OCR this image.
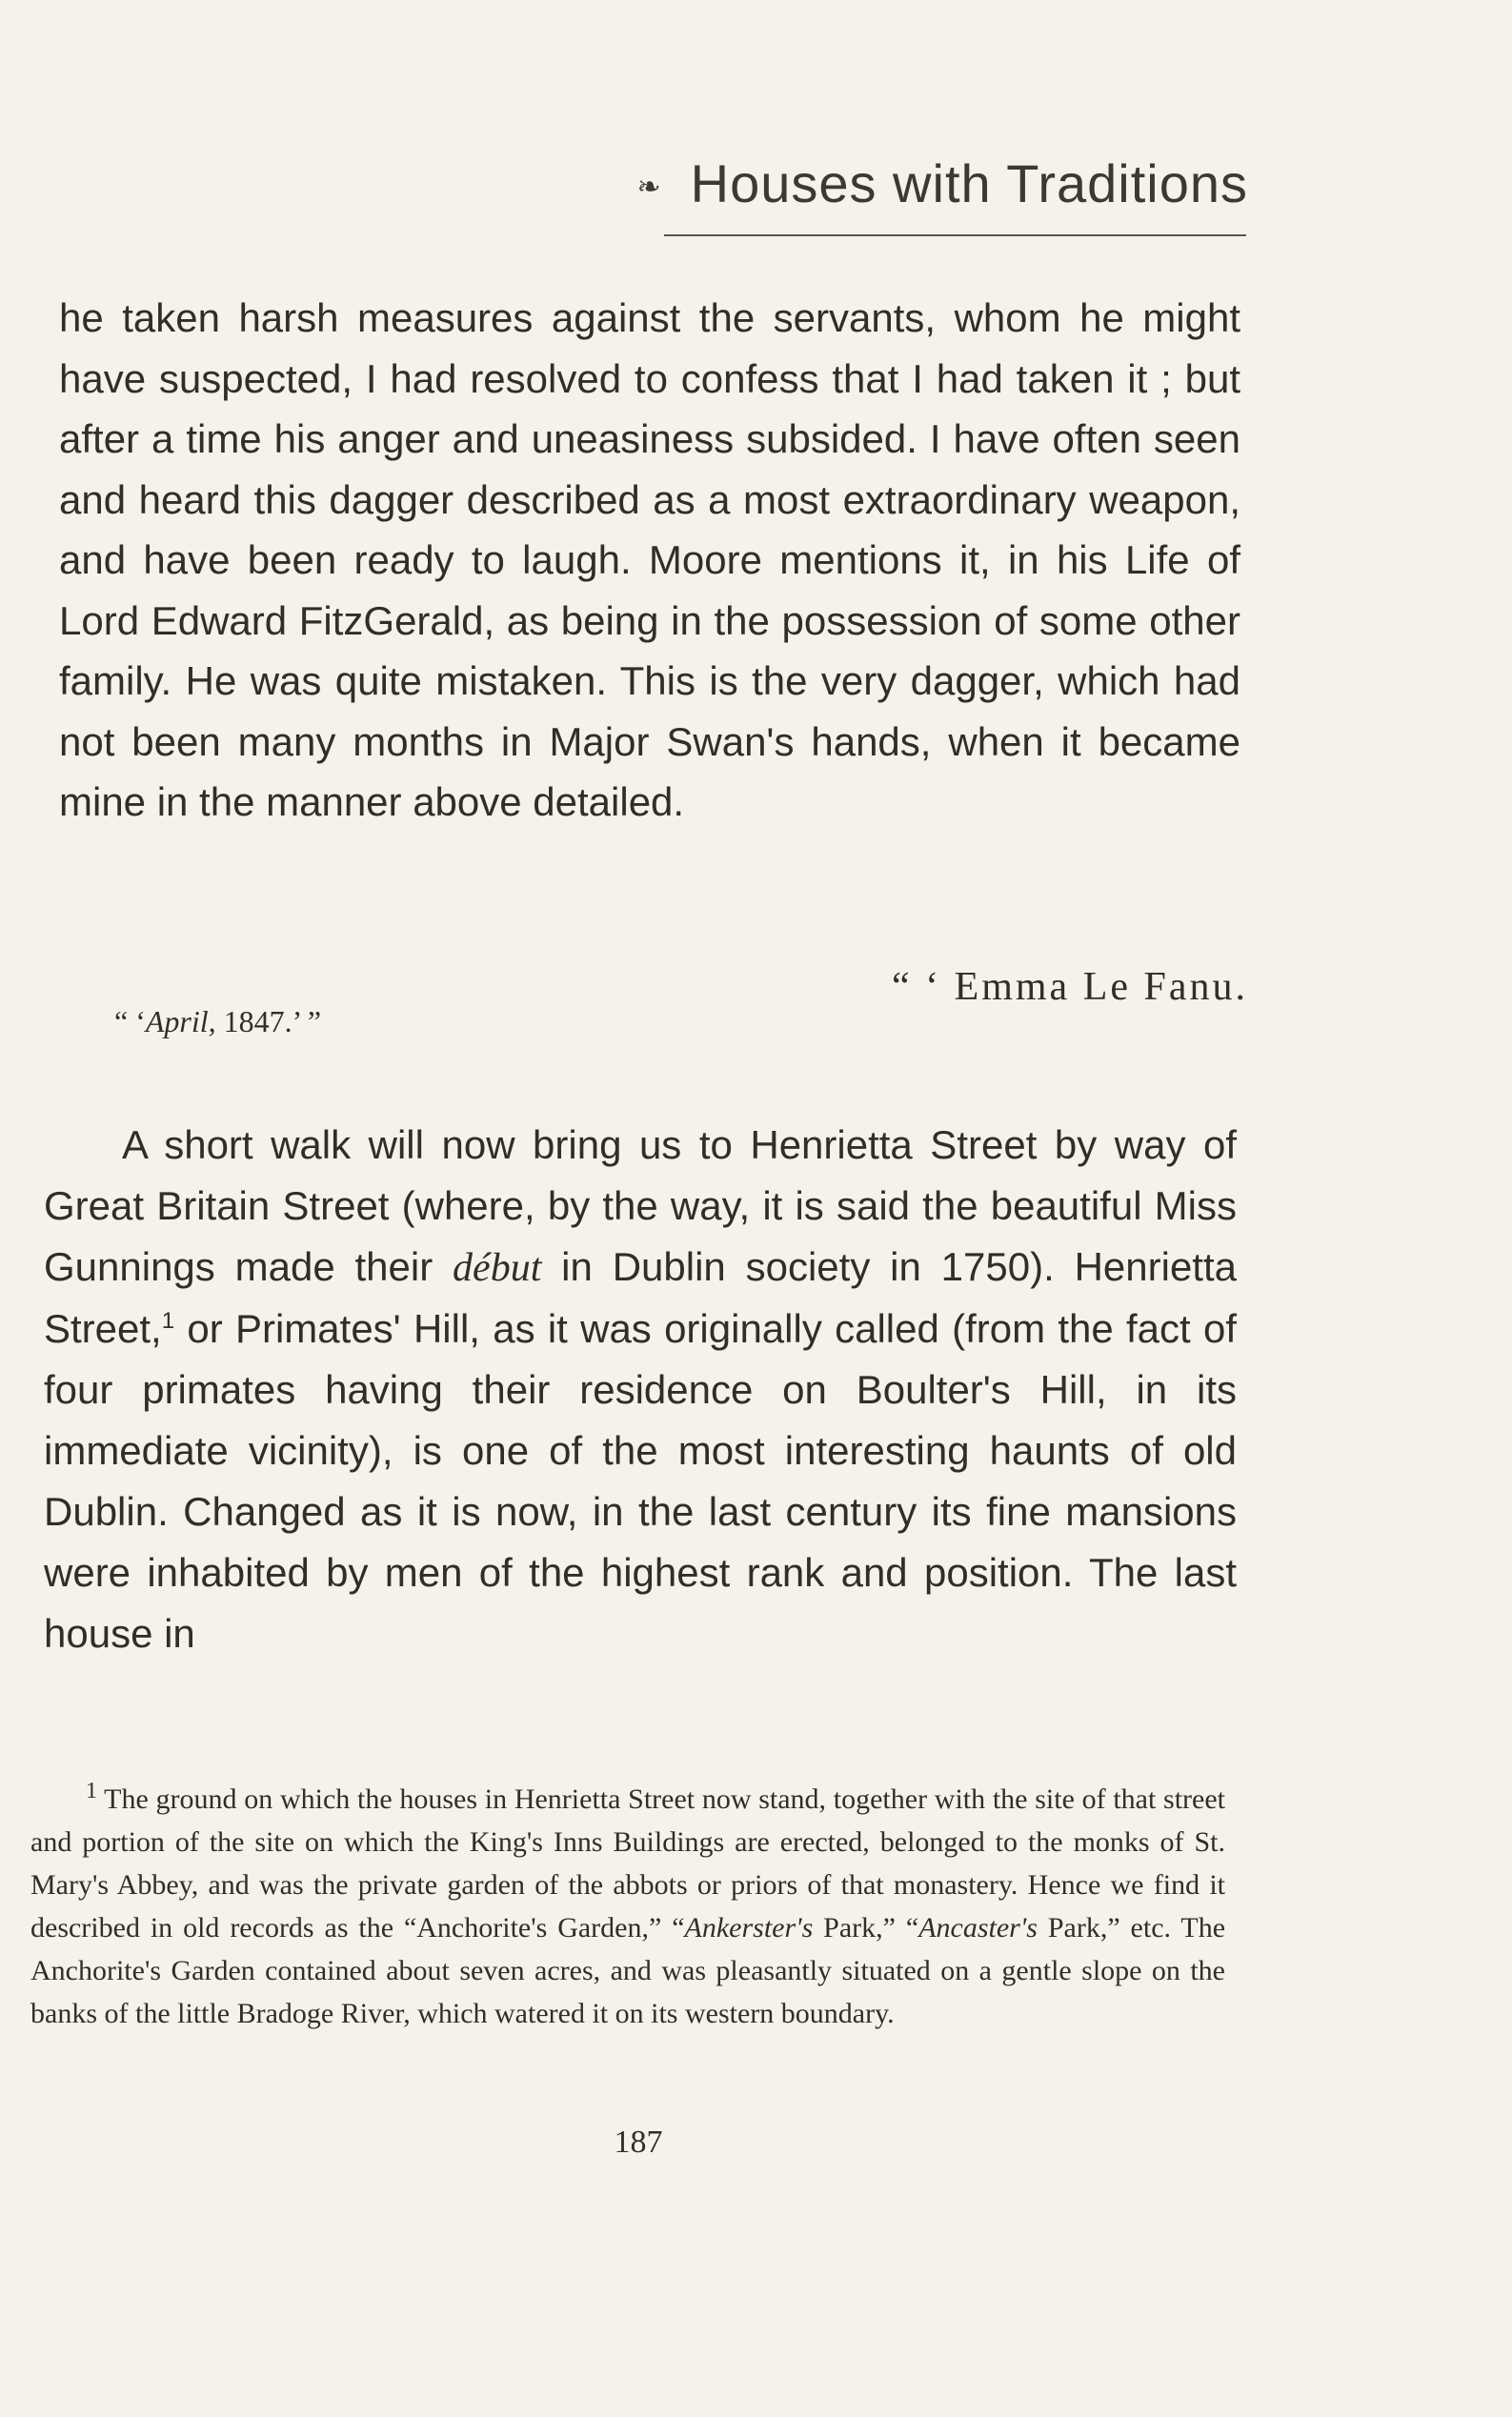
❧ Houses with Traditions

he taken harsh measures against the servants, whom he might have suspected, I had resolved to confess that I had taken it ; but after a time his anger and uneasiness subsided. I have often seen and heard this dagger described as a most extraordinary weapon, and have been ready to laugh. Moore mentions it, in his Life of Lord Edward FitzGerald, as being in the possession of some other family. He was quite mistaken. This is the very dagger, which had not been many months in Major Swan's hands, when it became mine in the manner above detailed.

“ ‘ Emma Le Fanu.
“ ‘April, 1847.’ ”

A short walk will now bring us to Henrietta Street by way of Great Britain Street (where, by the way, it is said the beautiful Miss Gunnings made their début in Dublin society in 1750). Henrietta Street,$^1$ or Primates' Hill, as it was originally called (from the fact of four primates having their residence on Boulter's Hill, in its immediate vicinity), is one of the most interesting haunts of old Dublin. Changed as it is now, in the last century its fine mansions were inhabited by men of the highest rank and position. The last house in

$^1$ The ground on which the houses in Henrietta Street now stand, together with the site of that street and portion of the site on which the King's Inns Buildings are erected, belonged to the monks of St. Mary's Abbey, and was the private garden of the abbots or priors of that monastery. Hence we find it described in old records as the “Anchorite's Garden,” “Ankerster's Park,” “Ancaster's Park,” etc. The Anchorite's Garden contained about seven acres, and was pleasantly situated on a gentle slope on the banks of the little Bradoge River, which watered it on its western boundary.

187
